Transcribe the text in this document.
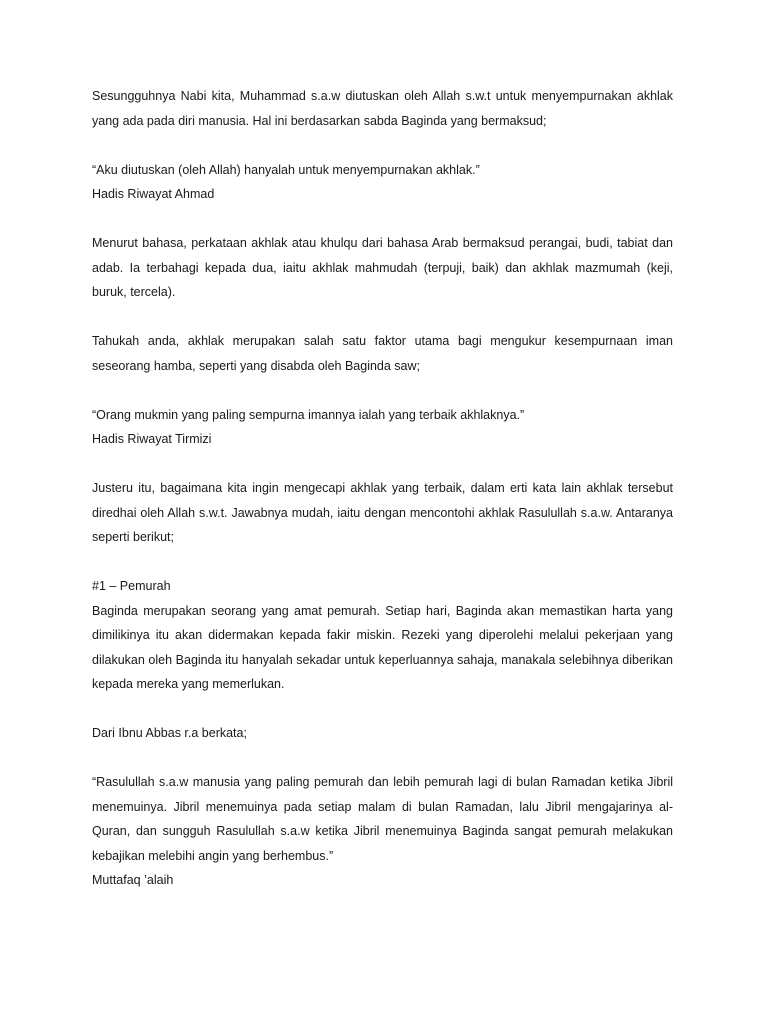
Sesungguhnya Nabi kita, Muhammad s.a.w diutuskan oleh Allah s.w.t untuk menyempurnakan akhlak yang ada pada diri manusia. Hal ini berdasarkan sabda Baginda yang bermaksud;

“Aku diutuskan (oleh Allah) hanyalah untuk menyempurnakan akhlak.”

Hadis Riwayat Ahmad

Menurut bahasa, perkataan akhlak atau khulqu dari bahasa Arab bermaksud perangai, budi, tabiat dan adab. Ia terbahagi kepada dua, iaitu akhlak mahmudah (terpuji, baik) dan akhlak mazmumah (keji, buruk, tercela).

Tahukah anda, akhlak merupakan salah satu faktor utama bagi mengukur kesempurnaan iman seseorang hamba, seperti yang disabda oleh Baginda saw;

“Orang mukmin yang paling sempurna imannya ialah yang terbaik akhlaknya.”

Hadis Riwayat Tirmizi

Justeru itu, bagaimana kita ingin mengecapi akhlak yang terbaik, dalam erti kata lain akhlak tersebut diredhai oleh Allah s.w.t. Jawabnya mudah, iaitu dengan mencontohi akhlak Rasulullah s.a.w. Antaranya seperti berikut;

#1 – Pemurah

Baginda merupakan seorang yang amat pemurah. Setiap hari, Baginda akan memastikan harta yang dimilikinya itu akan didermakan kepada fakir miskin. Rezeki yang diperolehi melalui pekerjaan yang dilakukan oleh Baginda itu hanyalah sekadar untuk keperluannya sahaja, manakala selebihnya diberikan kepada mereka yang memerlukan.

Dari Ibnu Abbas r.a berkata;

“Rasulullah s.a.w manusia yang paling pemurah dan lebih pemurah lagi di bulan Ramadan ketika Jibril menemuinya. Jibril menemuinya pada setiap malam di bulan Ramadan, lalu Jibril mengajarinya al-Quran, dan sungguh Rasulullah s.a.w ketika Jibril menemuinya Baginda sangat pemurah melakukan kebajikan melebihi angin yang berhembus.”

Muttafaq ’alaih
